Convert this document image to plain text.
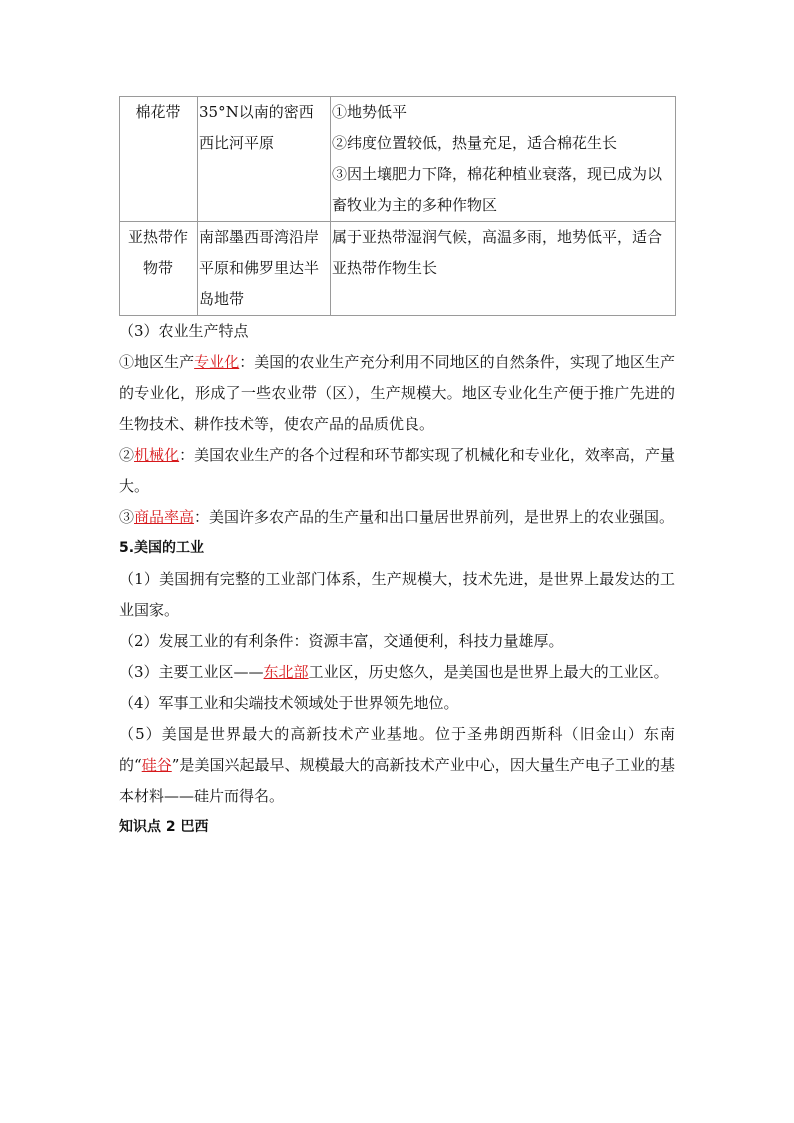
棉花带	35°N以南的密西西比河平原	①地势低平
②纬度位置较低，热量充足，适合棉花生长
③因土壤肥力下降，棉花种植业衰落，现已成为以畜牧业为主的多种作物区

亚热带作物带	南部墨西哥湾沿岸平原和佛罗里达半岛地带	属于亚热带湿润气候，高温多雨，地势低平，适合亚热带作物生长

（3）农业生产特点

①地区生产专业化：美国的农业生产充分利用不同地区的自然条件，实现了地区生产的专业化，形成了一些农业带（区），生产规模大。地区专业化生产便于推广先进的生物技术、耕作技术等，使农产品的品质优良。

②机械化：美国农业生产的各个过程和环节都实现了机械化和专业化，效率高，产量大。

③商品率高：美国许多农产品的生产量和出口量居世界前列，是世界上的农业强国。

5.美国的工业

（1）美国拥有完整的工业部门体系，生产规模大，技术先进，是世界上最发达的工业国家。

（2）发展工业的有利条件：资源丰富，交通便利，科技力量雄厚。

（3）主要工业区——东北部工业区，历史悠久，是美国也是世界上最大的工业区。

（4）军事工业和尖端技术领域处于世界领先地位。

（5）美国是世界最大的高新技术产业基地。位于圣弗朗西斯科（旧金山）东南的“硅谷”是美国兴起最早、规模最大的高新技术产业中心，因大量生产电子工业的基本材料——硅片而得名。

知识点 2 巴西
